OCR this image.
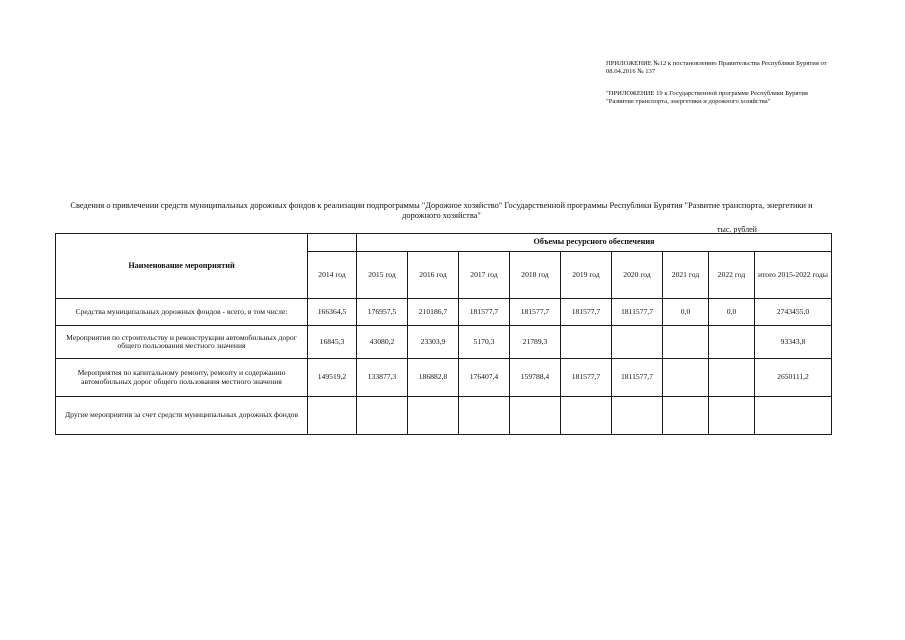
ПРИЛОЖЕНИЕ №12 к постановлению Правительства Республики Бурятия от 08.04.2016 № 137
"ПРИЛОЖЕНИЕ 19 к Государственной программе Республики Бурятия "Развитие транспорта, энергетики и дорожного хозяйства"
Сведения о привлечении средств муниципальных дорожных фондов к реализации подпрограммы "Дорожное хозяйство" Государственной программы Республики Бурятия "Развитие транспорта, энергетики и дорожного хозяйства"
тыс. рублей
Наименование мероприятий		Объемы ресурсного обеспечения								
	2014 год	2015 год	2016 год	2017 год	2018 год	2019 год	2020 год	2021 год	2022 год	итого 2015-2022 годы
Средства муниципальных дорожных фондов - всего, в том числе:	166364,5	176957,5	210186,7	181577,7	181577,7	181577,7	1811577,7	0,0	0,0	2743455,0
Мероприятия по строительству и реконструкции автомобильных дорог общего пользования местного значения	16845,3	43080,2	23303,9	5170,3	21789,3					93343,8
Мероприятия по капитальному ремонту, ремонту и содержанию автомобильных дорог общего пользования местного значения	149519,2	133877,3	186882,8	176407,4	159788,4	181577,7	1811577,7			2650111,2
Другие мероприятия за счет средств муниципальных дорожных фондов										
